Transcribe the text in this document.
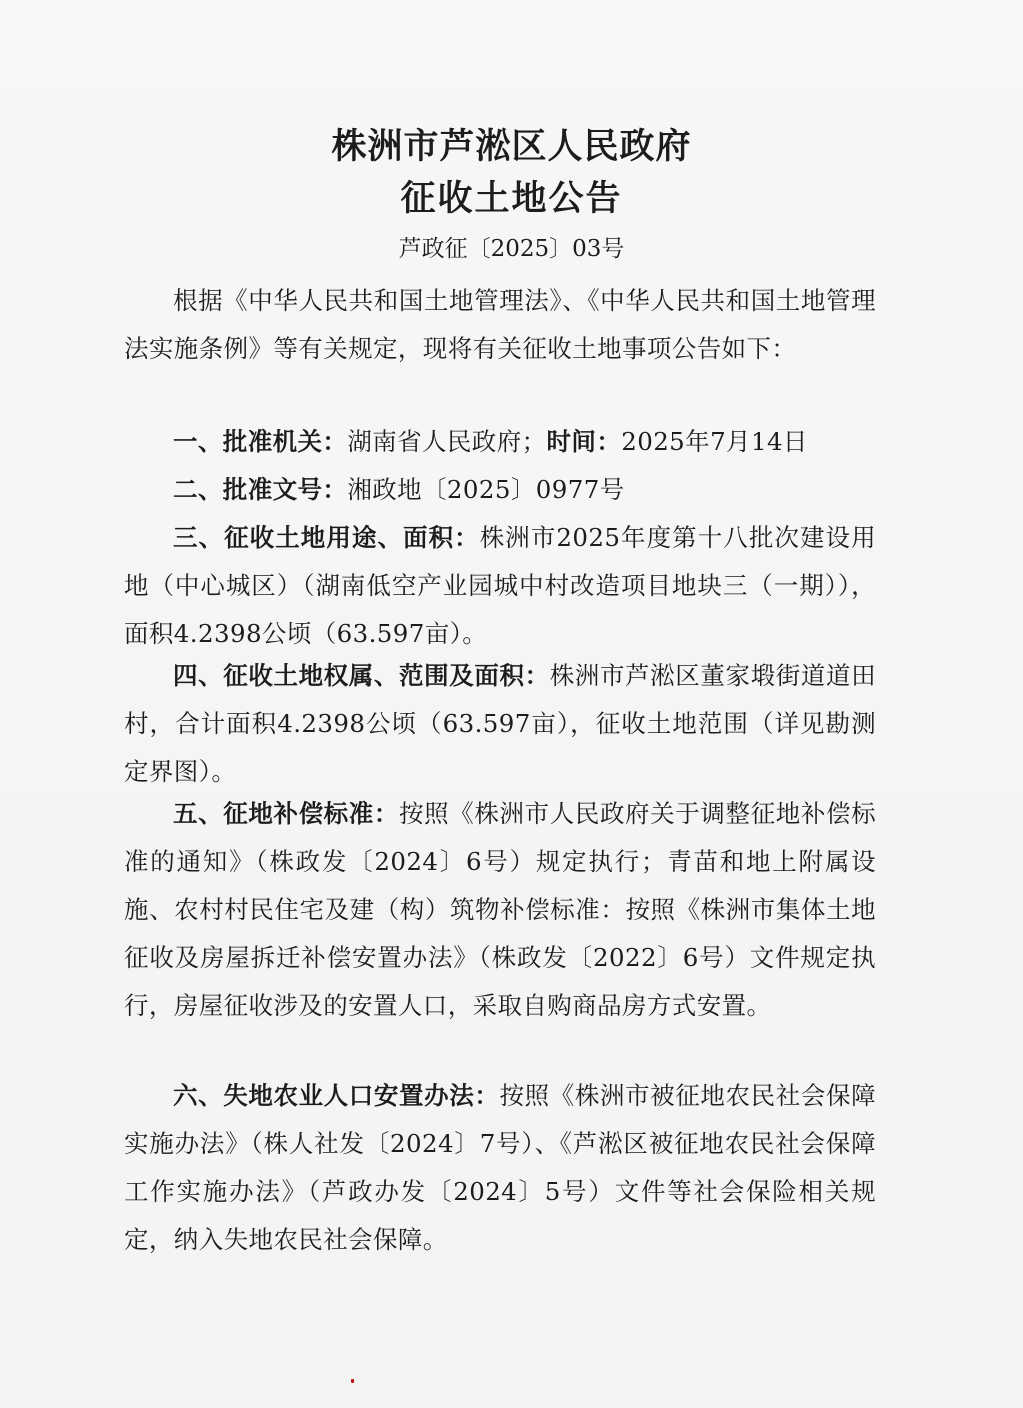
株洲市芦淞区人民政府
征收土地公告
芦政征〔2025〕03号
根据《中华人民共和国土地管理法》、《中华人民共和国土地管理法实施条例》等有关规定，现将有关征收土地事项公告如下：
一、批准机关：湖南省人民政府；时间：2025年7月14日
二、批准文号：湘政地〔2025〕0977号
三、征收土地用途、面积：株洲市2025年度第十八批次建设用地（中心城区）（湖南低空产业园城中村改造项目地块三（一期）），面积4.2398公顷（63.597亩）。
四、征收土地权属、范围及面积：株洲市芦淞区董家塅街道道田村，合计面积4.2398公顷（63.597亩），征收土地范围（详见勘测定界图）。
五、征地补偿标准：按照《株洲市人民政府关于调整征地补偿标准的通知》（株政发〔2024〕6号）规定执行；青苗和地上附属设施、农村村民住宅及建（构）筑物补偿标准：按照《株洲市集体土地征收及房屋拆迁补偿安置办法》（株政发〔2022〕6号）文件规定执行，房屋征收涉及的安置人口，采取自购商品房方式安置。
六、失地农业人口安置办法：按照《株洲市被征地农民社会保障实施办法》（株人社发〔2024〕7号）、《芦淞区被征地农民社会保障工作实施办法》（芦政办发〔2024〕5号）文件等社会保险相关规定，纳入失地农民社会保障。
